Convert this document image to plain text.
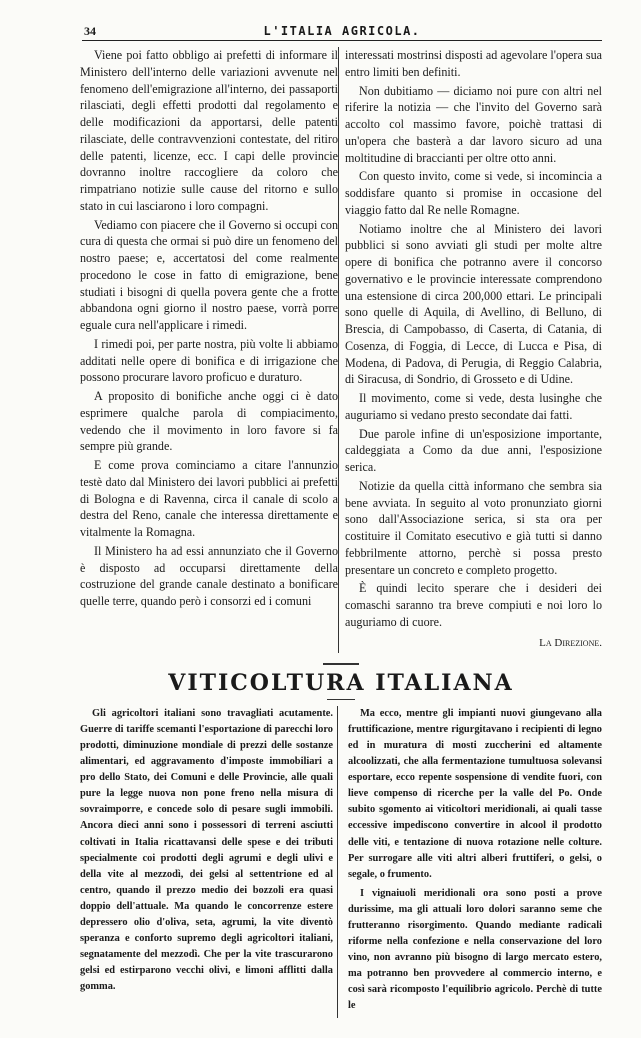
34	L'ITALIA AGRICOLA.

Viene poi fatto obbligo ai prefetti di informare il Ministero dell'interno delle variazioni avvenute nel fenomeno dell'emigrazione all'interno, dei passaporti rilasciati, degli effetti prodotti dal regolamento e delle modificazioni da apportarsi, delle patenti rilasciate, delle contravvenzioni contestate, del ritiro delle patenti, licenze, ecc. I capi delle provincie dovranno inoltre raccogliere da coloro che rimpatriano notizie sulle cause del ritorno e sullo stato in cui lasciarono i loro compagni.

Vediamo con piacere che il Governo si occupi con cura di questa che ormai si può dire un fenomeno del nostro paese; e, accertatosi del come realmente procedono le cose in fatto di emigrazione, bene studiati i bisogni di quella povera gente che a frotte abbandona ogni giorno il nostro paese, vorrà porre eguale cura nell'applicare i rimedi.

I rimedi poi, per parte nostra, più volte li abbiamo additati nelle opere di bonifica e di irrigazione che possono procurare lavoro proficuo e duraturo.

A proposito di bonifiche anche oggi ci è dato esprimere qualche parola di compiacimento, vedendo che il movimento in loro favore si fa sempre più grande.

E come prova cominciamo a citare l'annunzio testè dato dal Ministero dei lavori pubblici ai prefetti di Bologna e di Ravenna, circa il canale di scolo a destra del Reno, canale che interessa direttamente e vitalmente la Romagna.

Il Ministero ha ad essi annunziato che il Governo è disposto ad occuparsi direttamente della costruzione del grande canale destinato a bonificare quelle terre, quando però i consorzi ed i comuni

interessati mostrinsi disposti ad agevolare l'opera sua entro limiti ben definiti.

Non dubitiamo — diciamo noi pure con altri nel riferire la notizia — che l'invito del Governo sarà accolto col massimo favore, poichè trattasi di un'opera che basterà a dar lavoro sicuro ad una moltitudine di braccianti per oltre otto anni.

Con questo invito, come si vede, si incomincia a soddisfare quanto si promise in occasione del viaggio fatto dal Re nelle Romagne.

Notiamo inoltre che al Ministero dei lavori pubblici si sono avviati gli studi per molte altre opere di bonifica che potranno avere il concorso governativo e le provincie interessate comprendono una estensione di circa 200,000 ettari. Le principali sono quelle di Aquila, di Avellino, di Belluno, di Brescia, di Campobasso, di Caserta, di Catania, di Cosenza, di Foggia, di Lecce, di Lucca e Pisa, di Modena, di Padova, di Perugia, di Reggio Calabria, di Siracusa, di Sondrio, di Grosseto e di Udine.

Il movimento, come si vede, desta lusinghe che auguriamo si vedano presto secondate dai fatti.

Due parole infine di un'esposizione importante, caldeggiata a Como da due anni, l'esposizione serica.

Notizie da quella città informano che sembra sia bene avviata. In seguito al voto pronunziato giorni sono dall'Associazione serica, si sta ora per costituire il Comitato esecutivo e già tutti si danno febbrilmente attorno, perchè si possa presto presentare un concreto e completo progetto.

È quindi lecito sperare che i desideri dei comaschi saranno tra breve compiuti e noi loro lo auguriamo di cuore.

La Direzione.

VITICOLTURA ITALIANA

Gli agricoltori italiani sono travagliati acutamente. Guerre di tariffe scemanti l'esportazione di parecchi loro prodotti, diminuzione mondiale di prezzi delle sostanze alimentari, ed aggravamento d'imposte immobiliari a pro dello Stato, dei Comuni e delle Provincie, alle quali pure la legge nuova non pone freno nella misura di sovraimporre, e concede solo di pesare sugli immobili. Ancora dieci anni sono i possessori di terreni asciutti coltivati in Italia ricattavansi delle spese e dei tributi specialmente coi prodotti degli agrumi e degli ulivi e della vite al mezzodì, dei gelsi al settentrione ed al centro, quando il prezzo medio dei bozzoli era quasi doppio dell'attuale. Ma quando le concorrenze estere depressero olio d'oliva, seta, agrumi, la vite diventò speranza e conforto supremo degli agricoltori italiani, segnatamente del mezzodì. Che per la vite trascurarono gelsi ed estirparono vecchi olivi, e limoni afflitti dalla gomma.

Ma ecco, mentre gli impianti nuovi giungevano alla fruttificazione, mentre rigurgitavano i recipienti di legno ed in muratura di mosti zuccherini ed altamente alcoolizzati, che alla fermentazione tumultuosa solevansi esportare, ecco repente sospensione di vendite fuori, con lieve compenso di ricerche per la valle del Po. Onde subito sgomento ai viticoltori meridionali, ai quali tasse eccessive impediscono convertire in alcool il prodotto delle viti, e tentazione di nuova rotazione nelle colture. Per surrogare alle viti altri alberi fruttiferi, o gelsi, o segale, o frumento.

I vignaiuoli meridionali ora sono posti a prove durissime, ma gli attuali loro dolori saranno seme che frutteranno risorgimento. Quando mediante radicali riforme nella confezione e nella conservazione del loro vino, non avranno più bisogno di largo mercato estero, ma potranno ben provvedere al commercio interno, e così sarà ricomposto l'equilibrio agricolo. Perchè di tutte le
